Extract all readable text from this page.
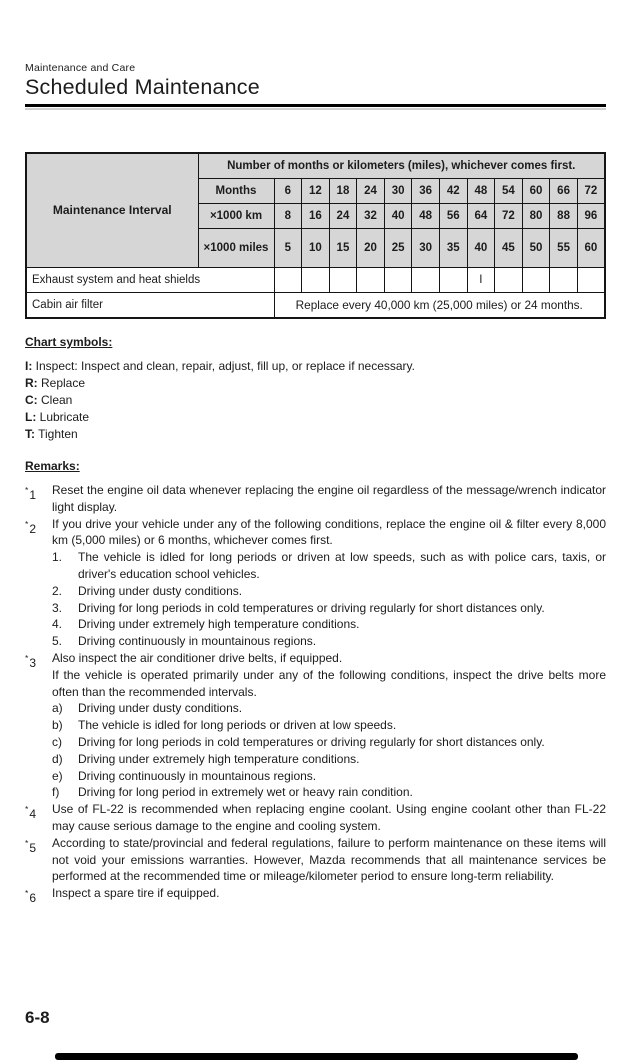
Maintenance and Care
Scheduled Maintenance
Maintenance Interval	Number of months or kilometers (miles), whichever comes first.												
	Months	6	12	18	24	30	36	42	48	54	60	66	72
	×1000 km	8	16	24	32	40	48	56	64	72	80	88	96
	×1000 miles	5	10	15	20	25	30	35	40	45	50	55	60
Exhaust system and heat shields									I				
Cabin air filter		Replace every 40,000 km (25,000 miles) or 24 months.											
Chart symbols:
I: Inspect: Inspect and clean, repair, adjust, fill up, or replace if necessary.
R: Replace
C: Clean
L: Lubricate
T: Tighten
Remarks:
*1	Reset the engine oil data whenever replacing the engine oil regardless of the message/wrench indicator light display.
*2	If you drive your vehicle under any of the following conditions, replace the engine oil & filter every 8,000 km (5,000 miles) or 6 months, whichever comes first.
1.	The vehicle is idled for long periods or driven at low speeds, such as with police cars, taxis, or driver's education school vehicles.
2.	Driving under dusty conditions.
3.	Driving for long periods in cold temperatures or driving regularly for short distances only.
4.	Driving under extremely high temperature conditions.
5.	Driving continuously in mountainous regions.
*3	Also inspect the air conditioner drive belts, if equipped.
If the vehicle is operated primarily under any of the following conditions, inspect the drive belts more often than the recommended intervals.
a)	Driving under dusty conditions.
b)	The vehicle is idled for long periods or driven at low speeds.
c)	Driving for long periods in cold temperatures or driving regularly for short distances only.
d)	Driving under extremely high temperature conditions.
e)	Driving continuously in mountainous regions.
f)	Driving for long period in extremely wet or heavy rain condition.
*4	Use of FL-22 is recommended when replacing engine coolant. Using engine coolant other than FL-22 may cause serious damage to the engine and cooling system.
*5	According to state/provincial and federal regulations, failure to perform maintenance on these items will not void your emissions warranties. However, Mazda recommends that all maintenance services be performed at the recommended time or mileage/kilometer period to ensure long-term reliability.
*6	Inspect a spare tire if equipped.
6-8
